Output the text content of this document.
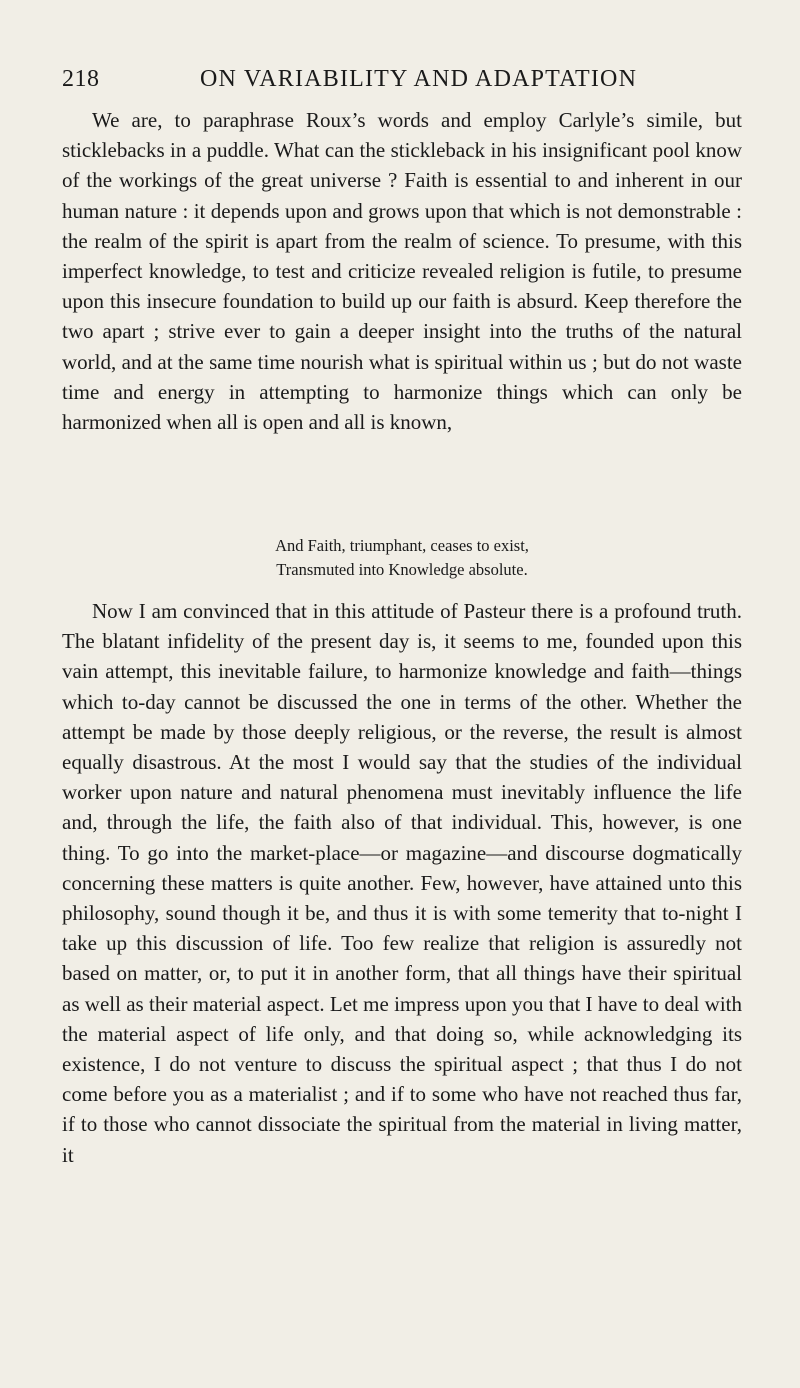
218	ON VARIABILITY AND ADAPTATION

We are, to paraphrase Roux’s words and employ Carlyle’s simile, but sticklebacks in a puddle. What can the stickleback in his insignificant pool know of the workings of the great universe ? Faith is essential to and inherent in our human nature : it depends upon and grows upon that which is not demonstrable : the realm of the spirit is apart from the realm of science. To presume, with this imperfect knowledge, to test and criticize revealed religion is futile, to presume upon this insecure foundation to build up our faith is absurd. Keep therefore the two apart ; strive ever to gain a deeper insight into the truths of the natural world, and at the same time nourish what is spiritual within us ; but do not waste time and energy in attempting to harmonize things which can only be harmonized when all is open and all is known,

And Faith, triumphant, ceases to exist,
Transmuted into Knowledge absolute.

Now I am convinced that in this attitude of Pasteur there is a profound truth. The blatant infidelity of the present day is, it seems to me, founded upon this vain attempt, this inevitable failure, to harmonize knowledge and faith—things which to-day cannot be discussed the one in terms of the other. Whether the attempt be made by those deeply religious, or the reverse, the result is almost equally disastrous. At the most I would say that the studies of the individual worker upon nature and natural phenomena must inevitably influence the life and, through the life, the faith also of that individual. This, however, is one thing. To go into the market-place—or magazine—and discourse dogmatically concerning these matters is quite another. Few, however, have attained unto this philosophy, sound though it be, and thus it is with some temerity that to-night I take up this discussion of life. Too few realize that religion is assuredly not based on matter, or, to put it in another form, that all things have their spiritual as well as their material aspect. Let me impress upon you that I have to deal with the material aspect of life only, and that doing so, while acknowledging its existence, I do not venture to discuss the spiritual aspect ; that thus I do not come before you as a materialist ; and if to some who have not reached thus far, if to those who cannot dissociate the spiritual from the material in living matter, it
